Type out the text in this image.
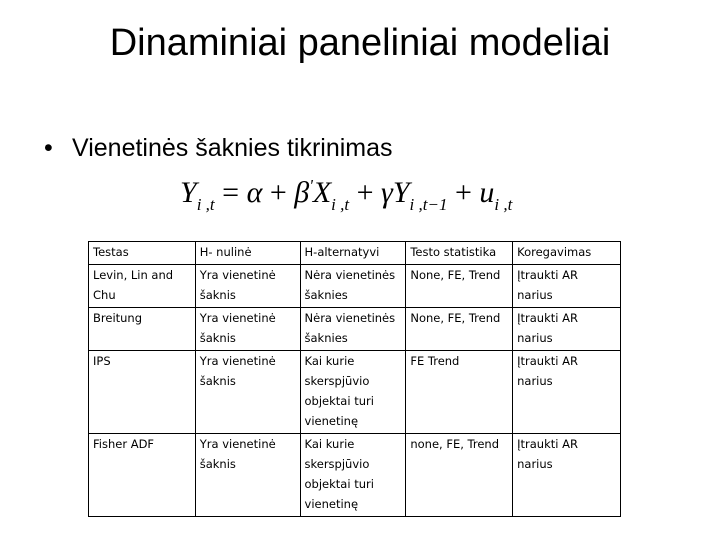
Dinaminiai paneliniai modeliai
• Vienetinės šaknies tikrinimas
$Y_{i ,t} = \alpha + \beta'X_{i ,t} + \gamma Y_{i ,t-1} + u_{i ,t}$
Testas	H- nulinė	H-alternatyvi	Testo statistika	Koregavimas
Levin, Lin and Chu	Yra vienetinė šaknis	Nėra vienetinės šaknies	None, FE, Trend	Įtraukti AR narius
Breitung	Yra vienetinė šaknis	Nėra vienetinės šaknies	None, FE, Trend	Įtraukti AR narius
IPS	Yra vienetinė šaknis	Kai kurie skerspjūvio objektai turi vienetinę	FE Trend	Įtraukti AR narius
Fisher ADF	Yra vienetinė šaknis	Kai kurie skerspjūvio objektai turi vienetinę	none, FE, Trend	Įtraukti AR narius
